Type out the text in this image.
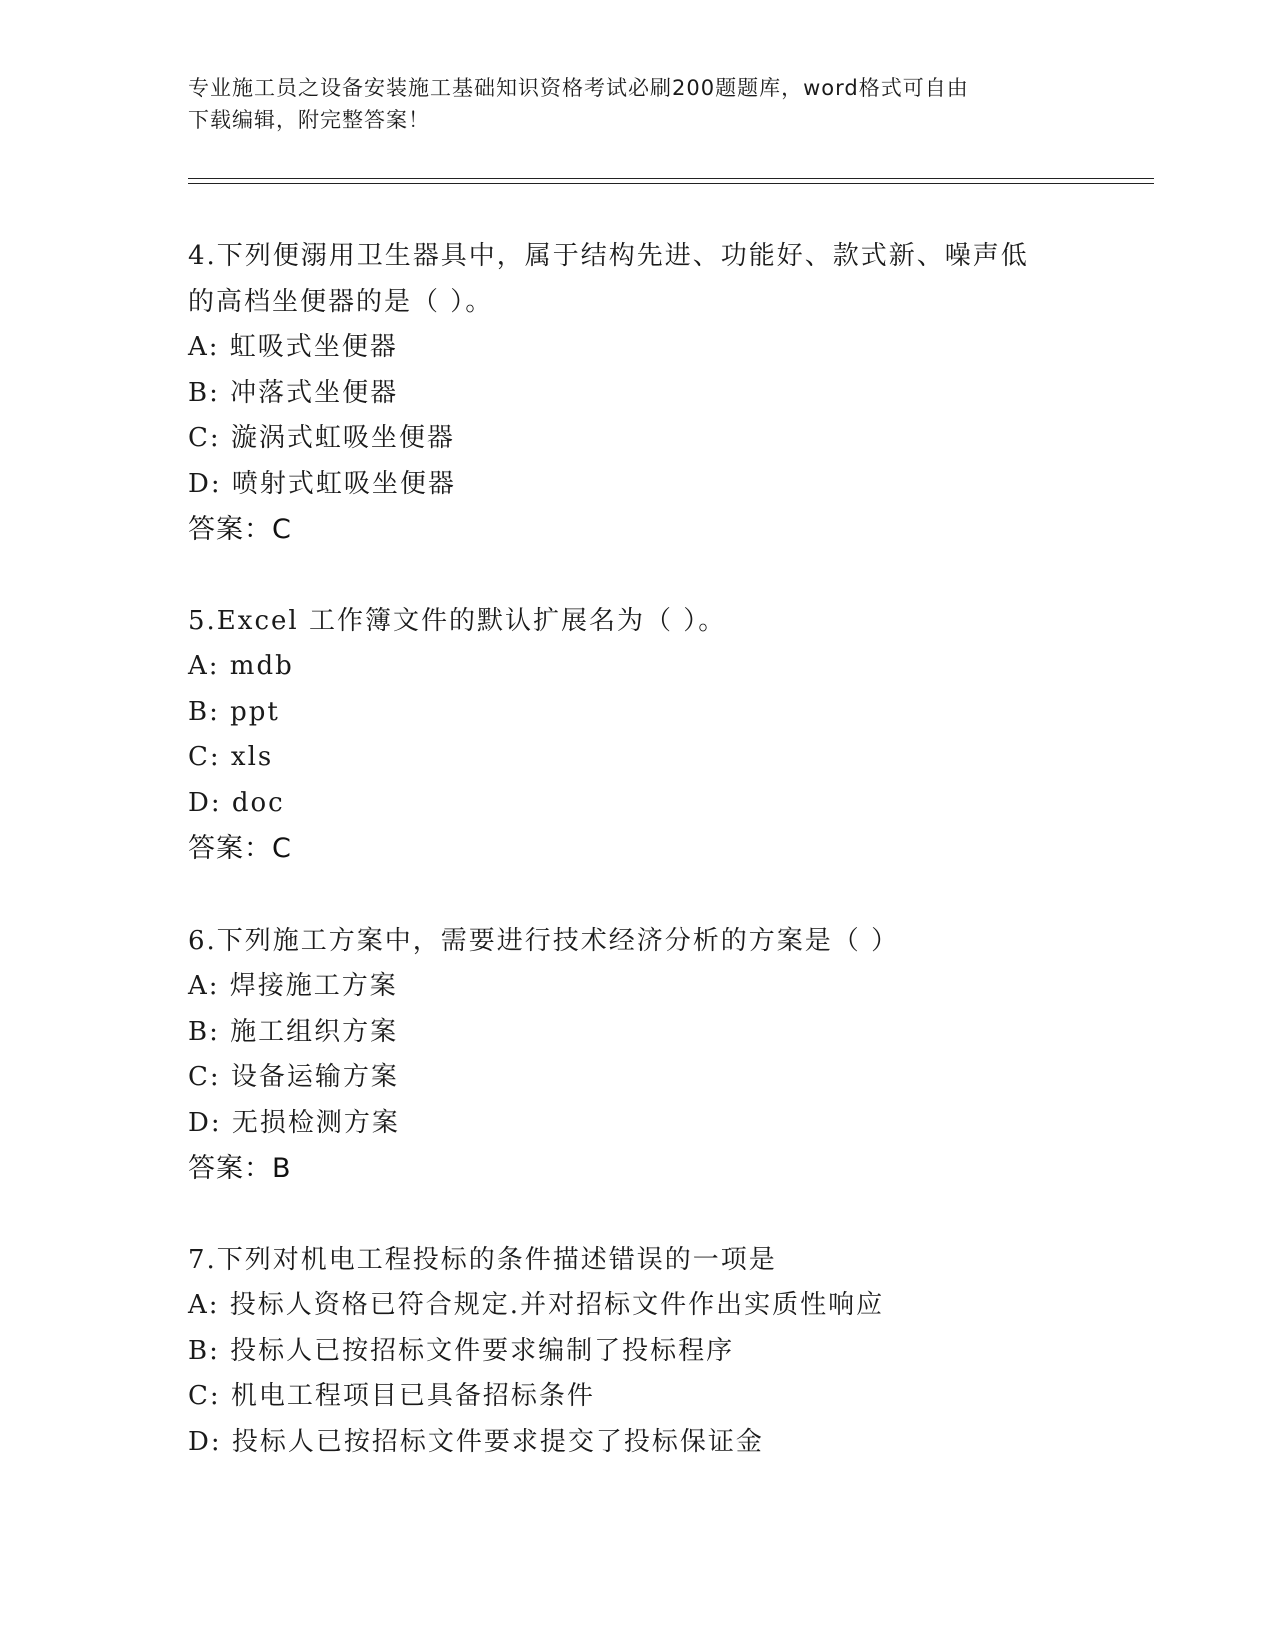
专业施工员之设备安装施工基础知识资格考试必刷200题题库，word格式可自由
下载编辑，附完整答案！
4.下列便溺用卫生器具中，属于结构先进、功能好、款式新、噪声低
的高档坐便器的是（ ）。
A: 虹吸式坐便器
B: 冲落式坐便器
C: 漩涡式虹吸坐便器
D: 喷射式虹吸坐便器
答案：C
5.Excel 工作簿文件的默认扩展名为（ ）。
A: mdb
B: ppt
C: xls
D: doc
答案：C
6.下列施工方案中，需要进行技术经济分析的方案是（ ）
A: 焊接施工方案
B: 施工组织方案
C: 设备运输方案
D: 无损检测方案
答案：B
7.下列对机电工程投标的条件描述错误的一项是
A: 投标人资格已符合规定.并对招标文件作出实质性响应
B: 投标人已按招标文件要求编制了投标程序
C: 机电工程项目已具备招标条件
D: 投标人已按招标文件要求提交了投标保证金
